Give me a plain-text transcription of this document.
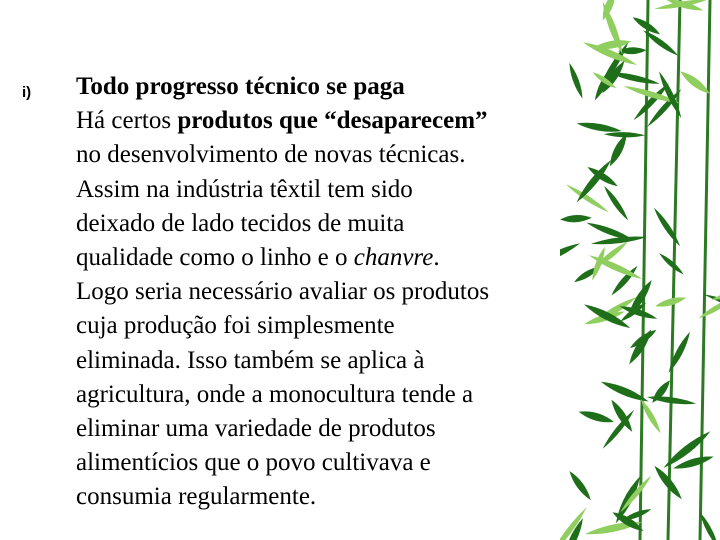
i) Todo progresso técnico se paga

Há certos produtos que “desaparecem”
no desenvolvimento de novas técnicas.
Assim na indústria têxtil tem sido
deixado de lado tecidos de muita
qualidade como o linho e o chanvre.
Logo seria necessário avaliar os produtos
cuja produção foi simplesmente
eliminada. Isso também se aplica à
agricultura, onde a monocultura tende a
eliminar uma variedade de produtos
alimentícios que o povo cultivava e
consumia regularmente.
